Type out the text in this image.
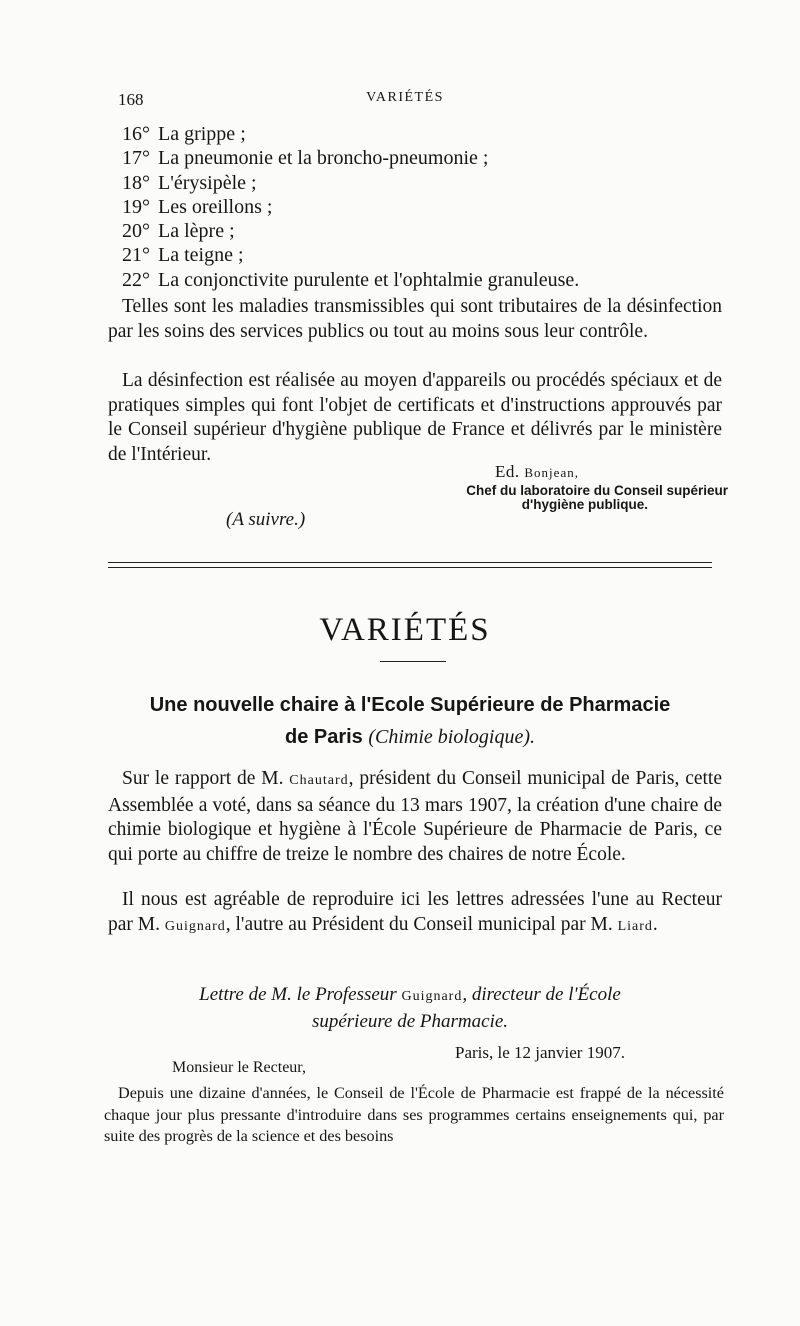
168	VARIÉTÉS
16° La grippe ;
17° La pneumonie et la broncho-pneumonie ;
18° L'érysipèle ;
19° Les oreillons ;
20° La lèpre ;
21° La teigne ;
22° La conjonctivite purulente et l'ophtalmie granuleuse.

Telles sont les maladies transmissibles qui sont tributaires de la désinfection par les soins des services publics ou tout au moins sous leur contrôle.

La désinfection est réalisée au moyen d'appareils ou procédés spéciaux et de pratiques simples qui font l'objet de certificats et d'instructions approuvés par le Conseil supérieur d'hygiène publique de France et délivrés par le ministère de l'Intérieur.

Ed. Bonjean,
Chef du laboratoire du Conseil supérieur
d'hygiène publique.
(A suivre.)
VARIÉTÉS
Une nouvelle chaire à l'Ecole Supérieure de Pharmacie
de Paris (Chimie biologique).

Sur le rapport de M. Chautard, président du Conseil municipal de Paris, cette Assemblée a voté, dans sa séance du 13 mars 1907, la création d'une chaire de chimie biologique et hygiène à l'École Supérieure de Pharmacie de Paris, ce qui porte au chiffre de treize le nombre des chaires de notre École.

Il nous est agréable de reproduire ici les lettres adressées l'une au Recteur par M. Guignard, l'autre au Président du Conseil municipal par M. Liard.

Lettre de M. le Professeur Guignard, directeur de l'École
supérieure de Pharmacie.
Paris, le 12 janvier 1907.
Monsieur le Recteur,

Depuis une dizaine d'années, le Conseil de l'École de Pharmacie est frappé de la nécessité chaque jour plus pressante d'introduire dans ses programmes certains enseignements qui, par suite des progrès de la science et des besoins
